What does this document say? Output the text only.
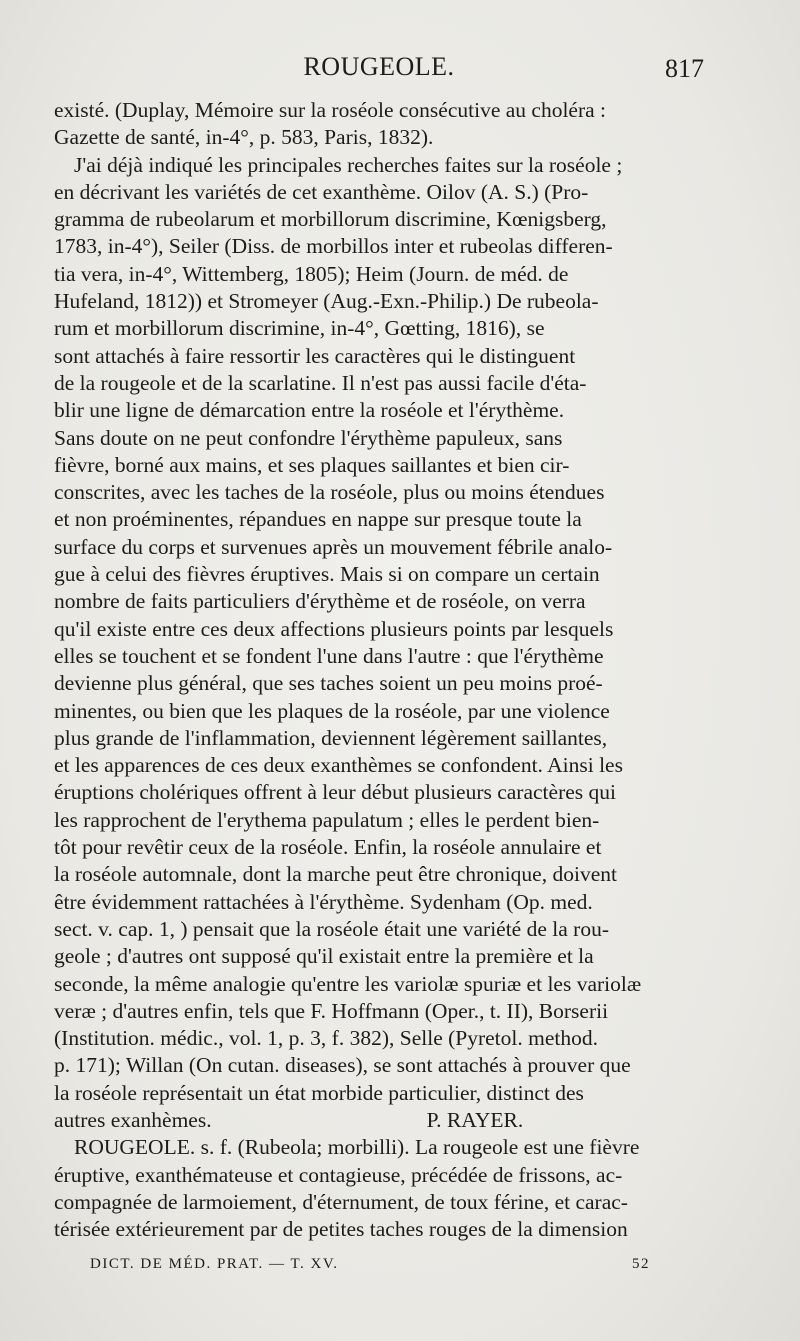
ROUGEOLE.	817
existé. (Duplay, Mémoire sur la roséole consécutive au choléra :
Gazette de santé, in-4°, p. 583, Paris, 1832).
J'ai déjà indiqué les principales recherches faites sur la roséole ;
en décrivant les variétés de cet exanthème. Oilov (A. S.) (Pro-
gramma de rubeolarum et morbillorum discrimine, Kœnigsberg,
1783, in-4°), Seiler (Diss. de morbillos inter et rubeolas differen-
tia vera, in-4°, Wittemberg, 1805); Heim (Journ. de méd. de
Hufeland, 1812)) et Stromeyer (Aug.-Exn.-Philip.) De rubeola-
rum et morbillorum discrimine, in-4°, Gœtting, 1816), se
sont attachés à faire ressortir les caractères qui le distinguent
de la rougeole et de la scarlatine. Il n'est pas aussi facile d'éta-
blir une ligne de démarcation entre la roséole et l'érythème.
Sans doute on ne peut confondre l'érythème papuleux, sans
fièvre, borné aux mains, et ses plaques saillantes et bien cir-
conscrites, avec les taches de la roséole, plus ou moins étendues
et non proéminentes, répandues en nappe sur presque toute la
surface du corps et survenues après un mouvement fébrile analo-
gue à celui des fièvres éruptives. Mais si on compare un certain
nombre de faits particuliers d'érythème et de roséole, on verra
qu'il existe entre ces deux affections plusieurs points par lesquels
elles se touchent et se fondent l'une dans l'autre : que l'érythème
devienne plus général, que ses taches soient un peu moins proé-
minentes, ou bien que les plaques de la roséole, par une violence
plus grande de l'inflammation, deviennent légèrement saillantes,
et les apparences de ces deux exanthèmes se confondent. Ainsi les
éruptions cholériques offrent à leur début plusieurs caractères qui
les rapprochent de l'erythema papulatum ; elles le perdent bien-
tôt pour revêtir ceux de la roséole. Enfin, la roséole annulaire et
la roséole automnale, dont la marche peut être chronique, doivent
être évidemment rattachées à l'érythème. Sydenham (Op. med.
sect. v. cap. 1, ) pensait que la roséole était une variété de la rou-
geole ; d'autres ont supposé qu'il existait entre la première et la
seconde, la même analogie qu'entre les variolæ spuriæ et les variolæ
veræ ; d'autres enfin, tels que F. Hoffmann (Oper., t. II), Borserii
(Institution. médic., vol. 1, p. 3, f. 382), Selle (Pyretol. method.
p. 171); Willan (On cutan. diseases), se sont attachés à prouver que
la roséole représentait un état morbide particulier, distinct des
autres exanhèmes.                                        P. RAYER.
ROUGEOLE. s. f. (Rubeola; morbilli). La rougeole est une fièvre
éruptive, exanthémateuse et contagieuse, précédée de frissons, ac-
compagnée de larmoiement, d'éternument, de toux férine, et carac-
térisée extérieurement par de petites taches rouges de la dimension
DICT. DE MÉD. PRAT. — T. XV.	52
